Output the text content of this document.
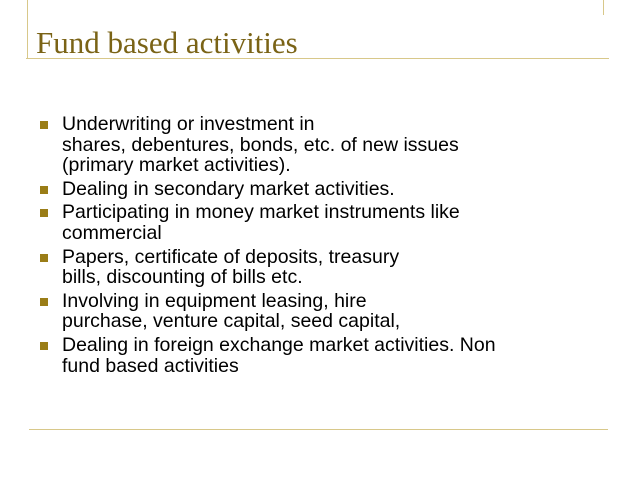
Fund based activities
Underwriting or investment in
shares, debentures, bonds, etc. of new issues
(primary market activities).
Dealing in secondary market activities.
Participating in money market instruments like
commercial
Papers, certificate of deposits, treasury
bills, discounting of bills etc.
Involving in equipment leasing, hire
purchase, venture capital, seed capital,
Dealing in foreign exchange market activities. Non
fund based activities
